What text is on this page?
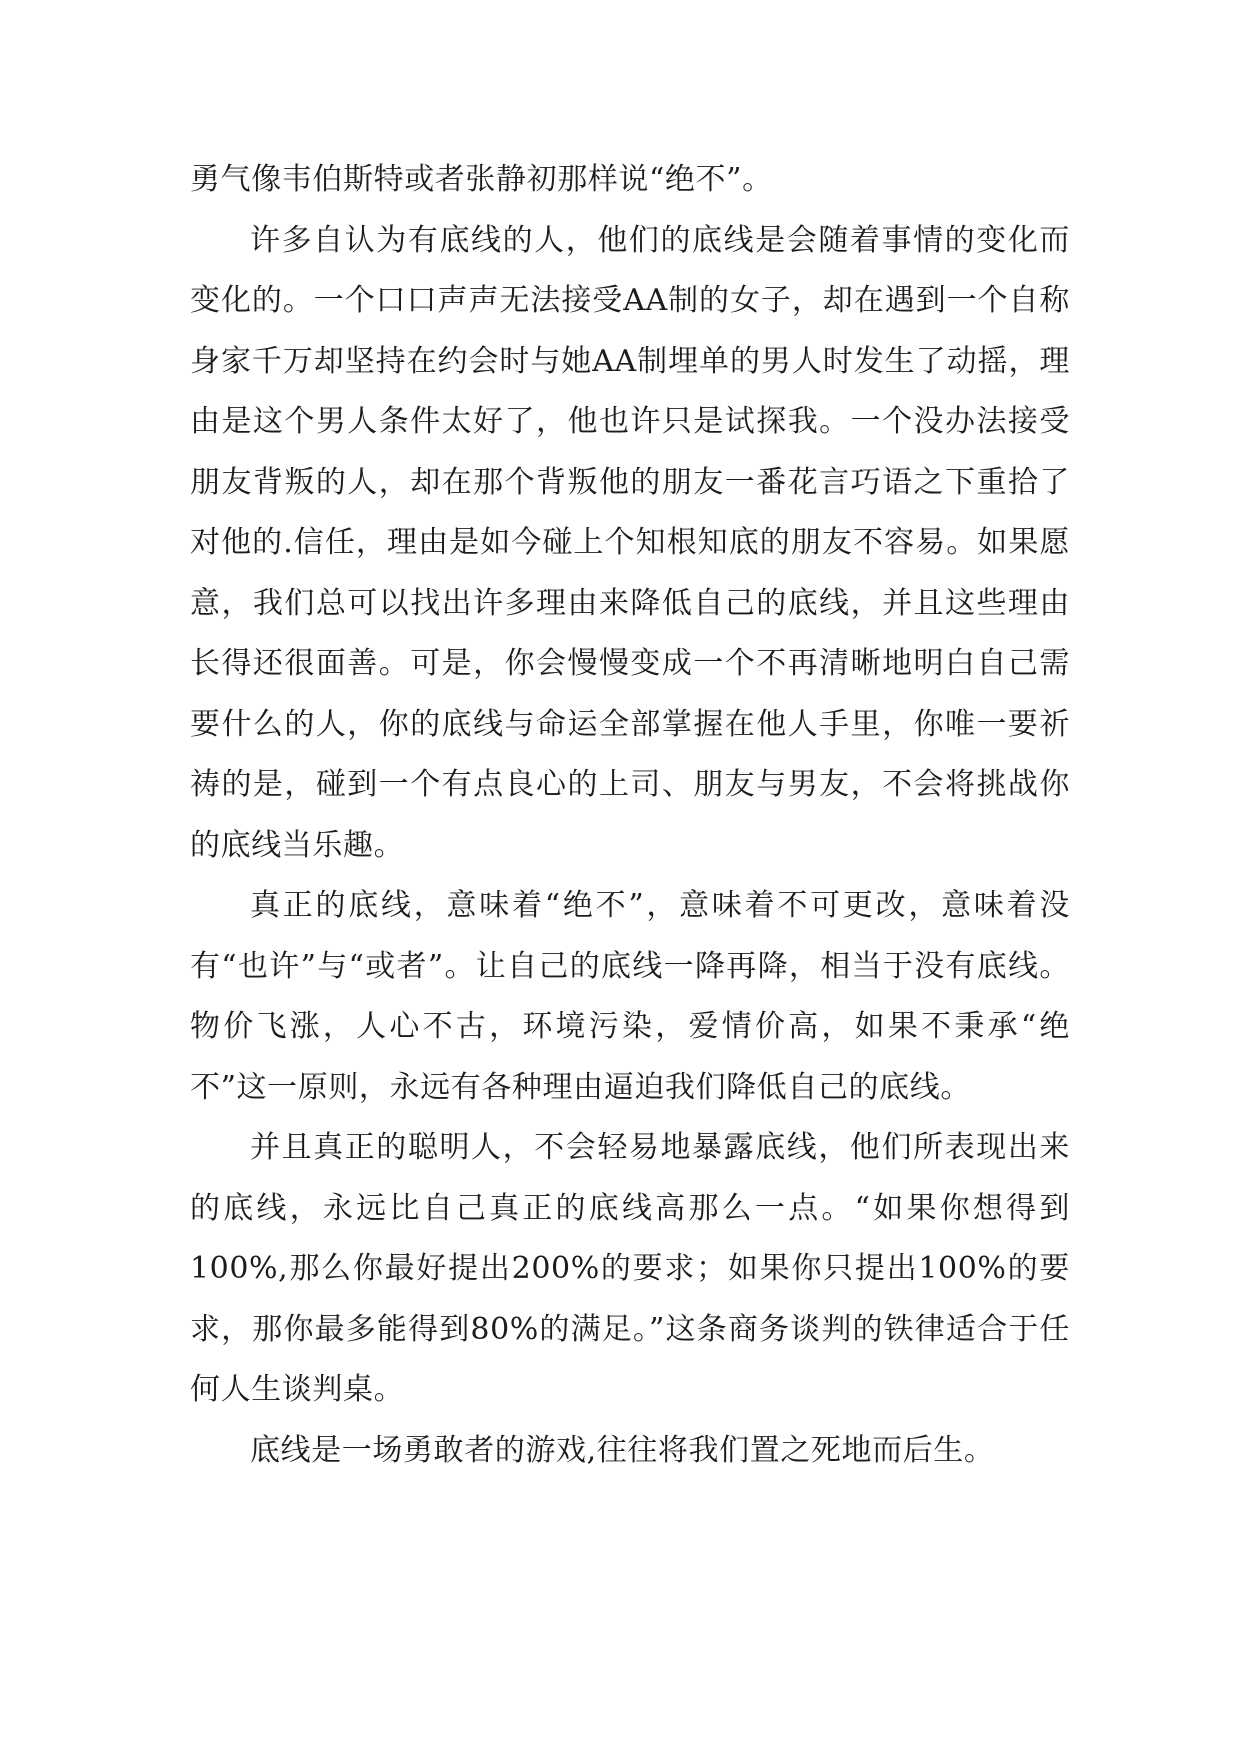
勇气像韦伯斯特或者张静初那样说“绝不”。

许多自认为有底线的人，他们的底线是会随着事情的变化而变化的。一个口口声声无法接受AA制的女子，却在遇到一个自称身家千万却坚持在约会时与她AA制埋单的男人时发生了动摇，理由是这个男人条件太好了，他也许只是试探我。一个没办法接受朋友背叛的人，却在那个背叛他的朋友一番花言巧语之下重拾了对他的.信任，理由是如今碰上个知根知底的朋友不容易。如果愿意，我们总可以找出许多理由来降低自己的底线，并且这些理由长得还很面善。可是，你会慢慢变成一个不再清晰地明白自己需要什么的人，你的底线与命运全部掌握在他人手里，你唯一要祈祷的是，碰到一个有点良心的上司、朋友与男友，不会将挑战你的底线当乐趣。

真正的底线，意味着“绝不”，意味着不可更改，意味着没有“也许”与“或者”。让自己的底线一降再降，相当于没有底线。物价飞涨，人心不古，环境污染，爱情价高，如果不秉承“绝不”这一原则，永远有各种理由逼迫我们降低自己的底线。

并且真正的聪明人，不会轻易地暴露底线，他们所表现出来的底线，永远比自己真正的底线高那么一点。“如果你想得到100%,那么你最好提出200%的要求；如果你只提出100%的要求，那你最多能得到80%的满足。”这条商务谈判的铁律适合于任何人生谈判桌。

底线是一场勇敢者的游戏,往往将我们置之死地而后生。
